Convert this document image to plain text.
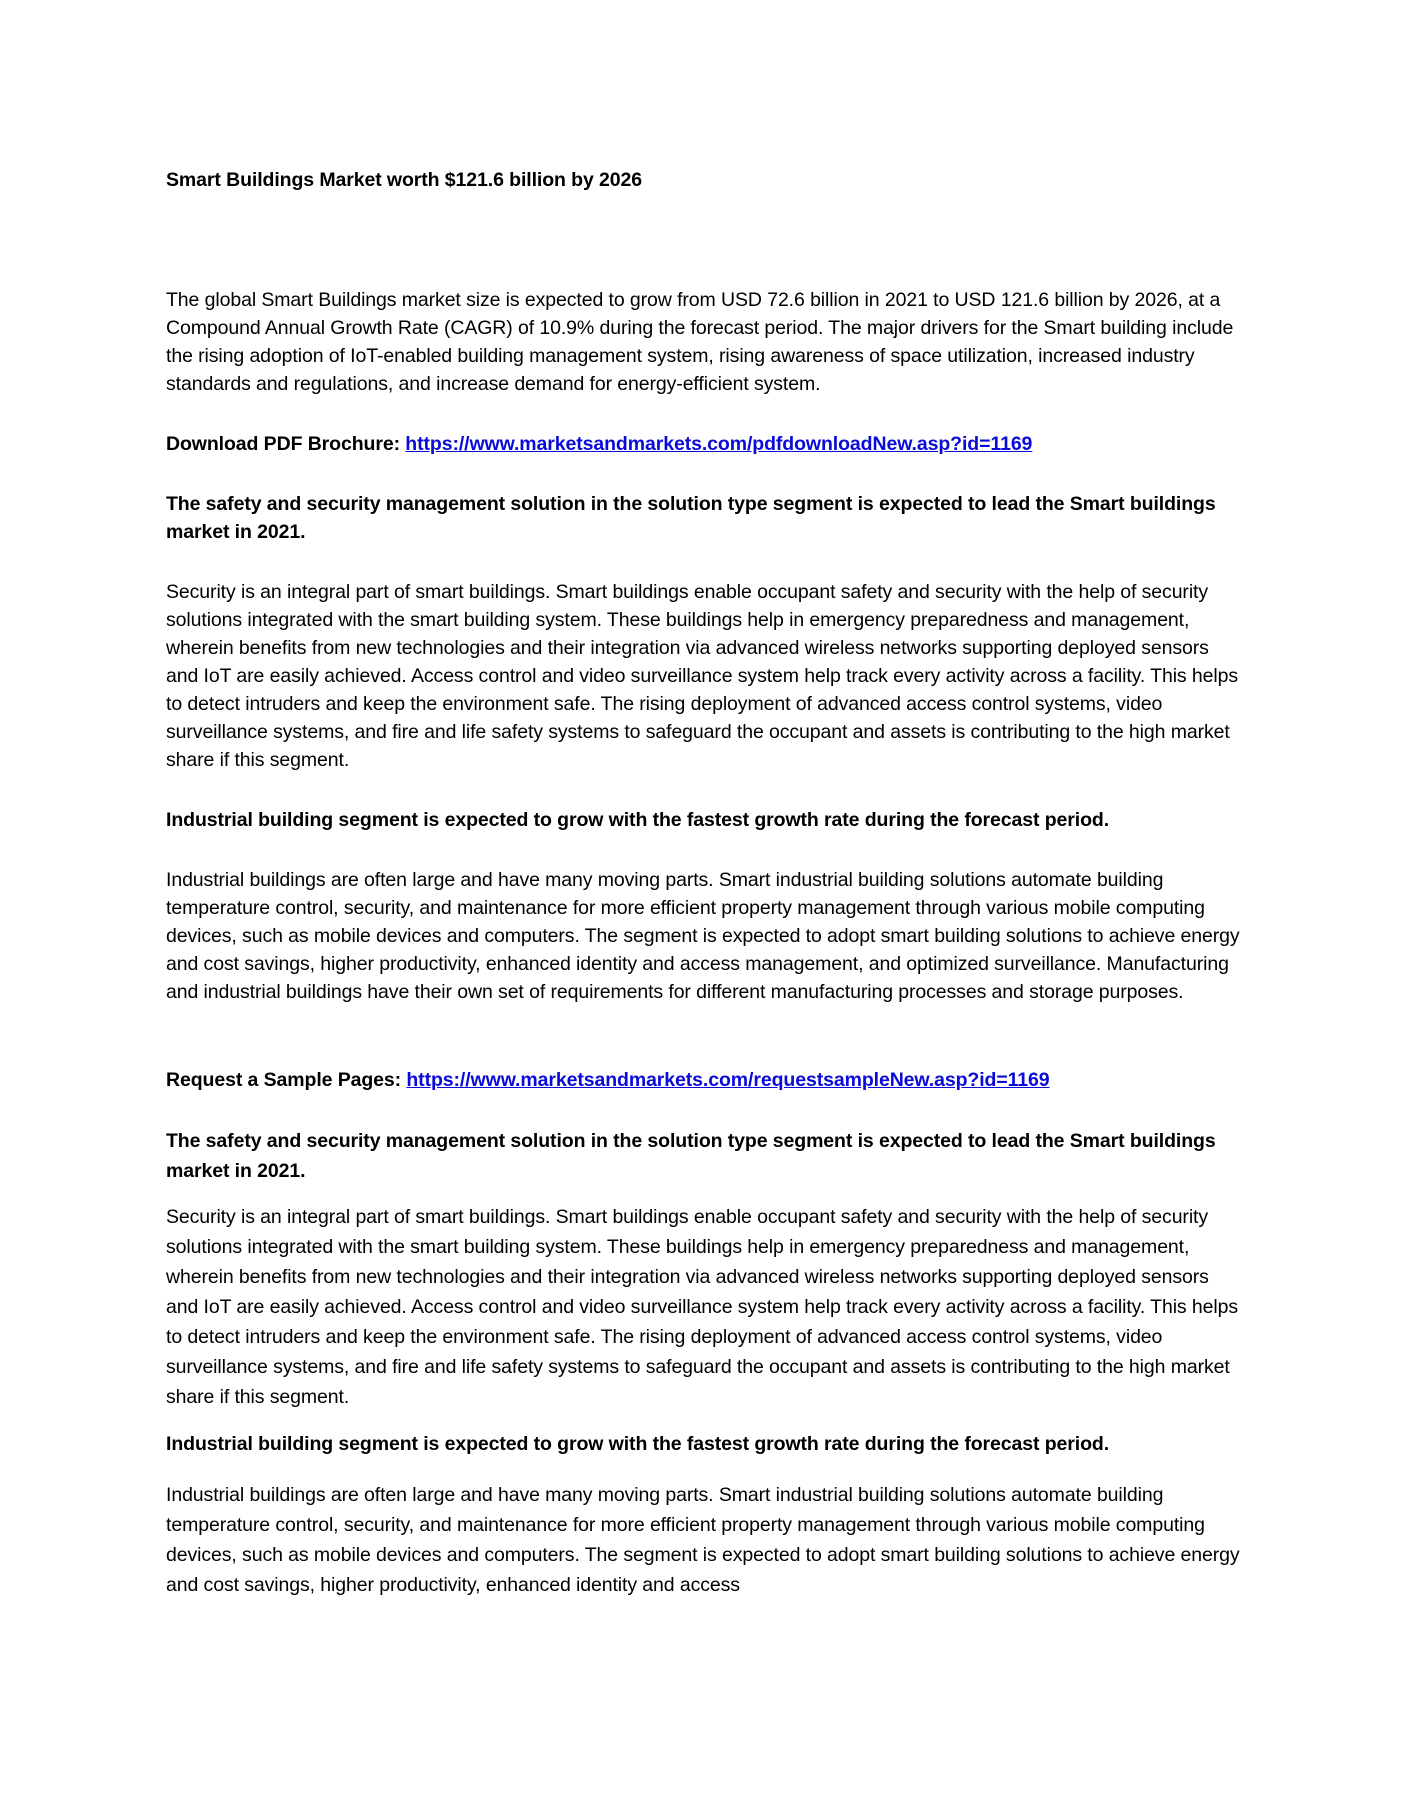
Smart Buildings Market worth $121.6 billion by 2026

The global Smart Buildings market size is expected to grow from USD 72.6 billion in 2021 to USD 121.6 billion by 2026, at a Compound Annual Growth Rate (CAGR) of 10.9% during the forecast period. The major drivers for the Smart building include the rising adoption of IoT-enabled building management system, rising awareness of space utilization, increased industry standards and regulations, and increase demand for energy-efficient system.

Download PDF Brochure: https://www.marketsandmarkets.com/pdfdownloadNew.asp?id=1169

The safety and security management solution in the solution type segment is expected to lead the Smart buildings market in 2021.

Security is an integral part of smart buildings. Smart buildings enable occupant safety and security with the help of security solutions integrated with the smart building system. These buildings help in emergency preparedness and management, wherein benefits from new technologies and their integration via advanced wireless networks supporting deployed sensors and IoT are easily achieved. Access control and video surveillance system help track every activity across a facility. This helps to detect intruders and keep the environment safe. The rising deployment of advanced access control systems, video surveillance systems, and fire and life safety systems to safeguard the occupant and assets is contributing to the high market share if this segment.

Industrial building segment is expected to grow with the fastest growth rate during the forecast period.

Industrial buildings are often large and have many moving parts. Smart industrial building solutions automate building temperature control, security, and maintenance for more efficient property management through various mobile computing devices, such as mobile devices and computers. The segment is expected to adopt smart building solutions to achieve energy and cost savings, higher productivity, enhanced identity and access management, and optimized surveillance. Manufacturing and industrial buildings have their own set of requirements for different manufacturing processes and storage purposes.

Request a Sample Pages: https://www.marketsandmarkets.com/requestsampleNew.asp?id=1169

The safety and security management solution in the solution type segment is expected to lead the Smart buildings market in 2021.

Security is an integral part of smart buildings. Smart buildings enable occupant safety and security with the help of security solutions integrated with the smart building system. These buildings help in emergency preparedness and management, wherein benefits from new technologies and their integration via advanced wireless networks supporting deployed sensors and IoT are easily achieved. Access control and video surveillance system help track every activity across a facility. This helps to detect intruders and keep the environment safe. The rising deployment of advanced access control systems, video surveillance systems, and fire and life safety systems to safeguard the occupant and assets is contributing to the high market share if this segment.

Industrial building segment is expected to grow with the fastest growth rate during the forecast period.

Industrial buildings are often large and have many moving parts. Smart industrial building solutions automate building temperature control, security, and maintenance for more efficient property management through various mobile computing devices, such as mobile devices and computers. The segment is expected to adopt smart building solutions to achieve energy and cost savings, higher productivity, enhanced identity and access
